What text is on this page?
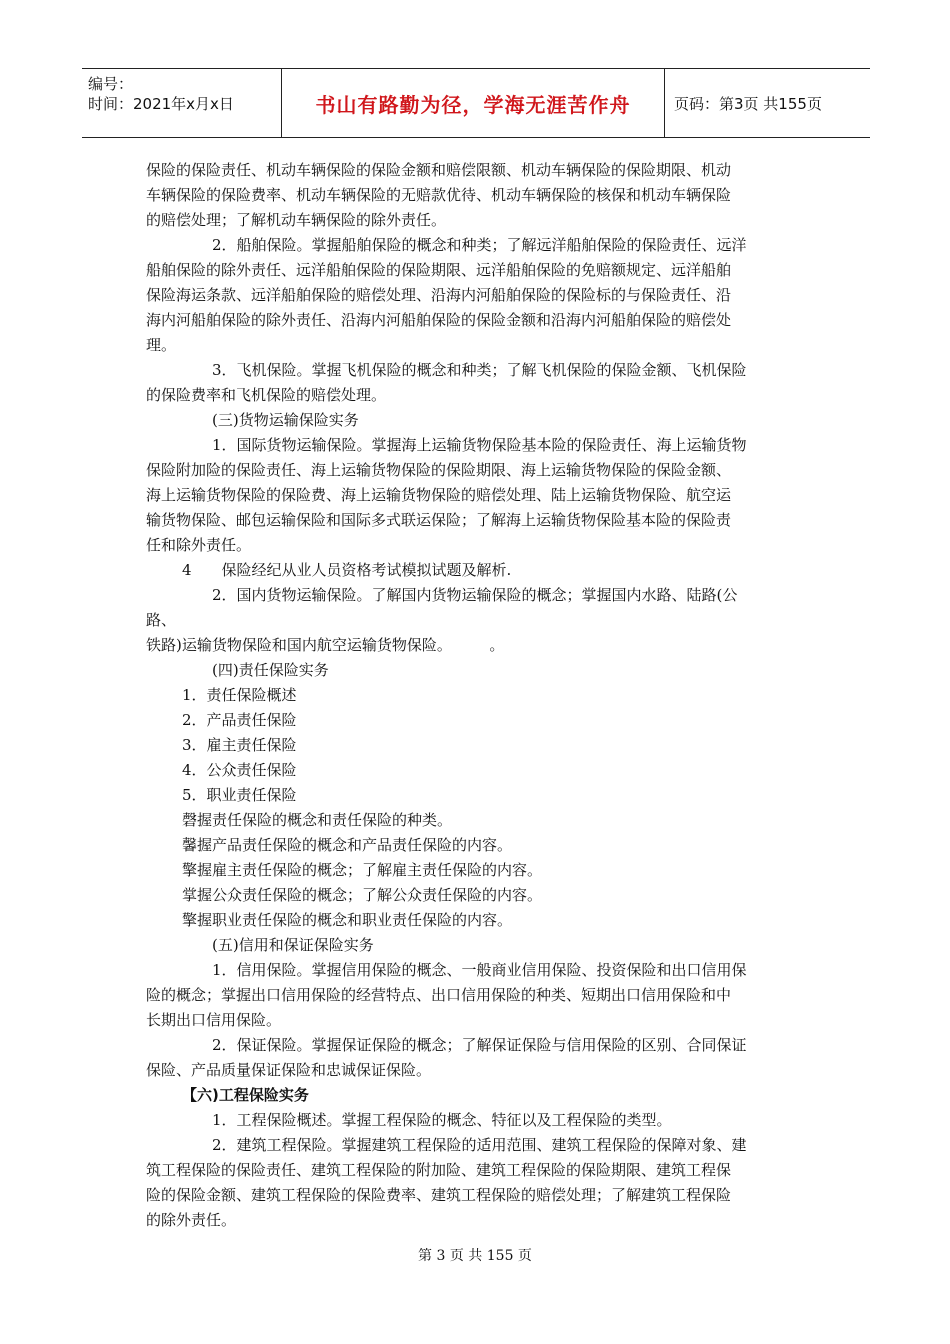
编号：
时间：2021年x月x日	书山有路勤为径，学海无涯苦作舟	页码：第3页 共155页
保险的保险责任、机动车辆保险的保险金额和赔偿限额、机动车辆保险的保险期限、机动
车辆保险的保险费率、机动车辆保险的无赔款优待、机动车辆保险的核保和机动车辆保险
的赔偿处理；了解机动车辆保险的除外责任。
2．船舶保险。掌握船舶保险的概念和种类；了解远洋船舶保险的保险责任、远洋
船舶保险的除外责任、远洋船舶保险的保险期限、远洋船舶保险的免赔额规定、远洋船舶
保险海运条款、远洋船舶保险的赔偿处理、沿海内河船舶保险的保险标的与保险责任、沿
海内河船舶保险的除外责任、沿海内河船舶保险的保险金额和沿海内河船舶保险的赔偿处
理。
3．飞机保险。掌握飞机保险的概念和种类；了解飞机保险的保险金额、飞机保险
的保险费率和飞机保险的赔偿处理。
(三)货物运输保险实务
1．国际货物运输保险。掌握海上运输货物保险基本险的保险责任、海上运输货物
保险附加险的保险责任、海上运输货物保险的保险期限、海上运输货物保险的保险金额、
海上运输货物保险的保险费、海上运输货物保险的赔偿处理、陆上运输货物保险、航空运
输货物保险、邮包运输保险和国际多式联运保险；了解海上运输货物保险基本险的保险责
任和除外责任。
4　　保险经纪从业人员资格考试模拟试题及解析.
2．国内货物运输保险。了解国内货物运输保险的概念；掌握国内水路、陆路(公
路、
铁路)运输货物保险和国内航空运输货物保险。　　　。
(四)责任保险实务
1．责任保险概述
2．产品责任保险
3．雇主责任保险
4．公众责任保险
5．职业责任保险
磬握责任保险的概念和责任保险的种类。
馨握产品责任保险的概念和产品责任保险的内容。
擎握雇主责任保险的概念；了解雇主责任保险的内容。
掌握公众责任保险的概念；了解公众责任保险的内容。
擎握职业责任保险的概念和职业责任保险的内容。
(五)信用和保证保险实务
1．信用保险。掌握信用保险的概念、一般商业信用保险、投资保险和出口信用保
险的概念；掌握出口信用保险的经营特点、出口信用保险的种类、短期出口信用保险和中
长期出口信用保险。
2．保证保险。掌握保证保险的概念；了解保证保险与信用保险的区别、合同保证
保险、产品质量保证保险和忠诚保证保险。
【六)工程保险实务
1．工程保险概述。掌握工程保险的概念、特征以及工程保险的类型。
2．建筑工程保险。掌握建筑工程保险的适用范围、建筑工程保险的保障对象、建
筑工程保险的保险责任、建筑工程保险的附加险、建筑工程保险的保险期限、建筑工程保
险的保险金额、建筑工程保险的保险费率、建筑工程保险的赔偿处理；了解建筑工程保险
的除外责任。
第 3 页 共 155 页
